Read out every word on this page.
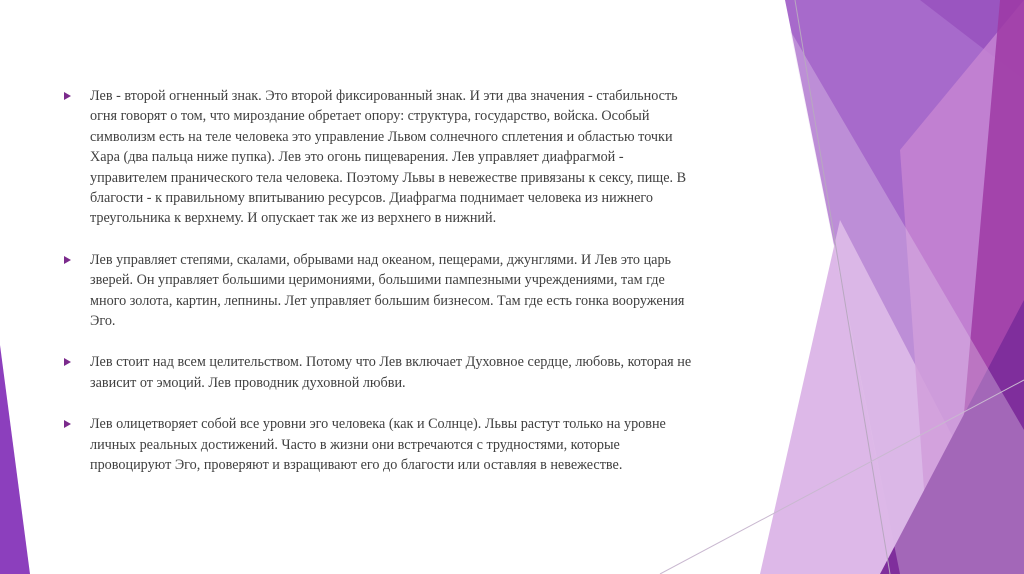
Лев - второй огненный знак. Это второй фиксированный знак. И эти два значения - стабильность
огня говорят о том, что мироздание обретает опору: структура, государство, войска. Особый
символизм есть на теле человека это управление Львом солнечного сплетения и областью точки
Хара (два пальца ниже пупка). Лев это огонь пищеварения. Лев управляет диафрагмой -
управителем пранического тела человека. Поэтому Львы в невежестве привязаны к сексу, пище. В
благости - к правильному впитыванию ресурсов. Диафрагма поднимает человека из нижнего
треугольника к верхнему. И опускает так же из верхнего в нижний.
Лев управляет степями, скалами, обрывами над океаном, пещерами, джунглями. И Лев это царь
зверей. Он управляет большими церимониями, большими пампезными учреждениями, там где
много золота, картин, лепнины. Лет управляет большим бизнесом. Там где есть гонка вооружения
Эго.
Лев стоит над всем целительством. Потому что Лев включает Духовное сердце, любовь, которая не
зависит от эмоций. Лев проводник духовной любви.
Лев олицетворяет собой все уровни эго человека (как и Солнце). Львы растут только на уровне
личных реальных достижений. Часто в жизни они встречаются с трудностями, которые
провоцируют Эго, проверяют и взращивают его до благости или оставляя в невежестве.
